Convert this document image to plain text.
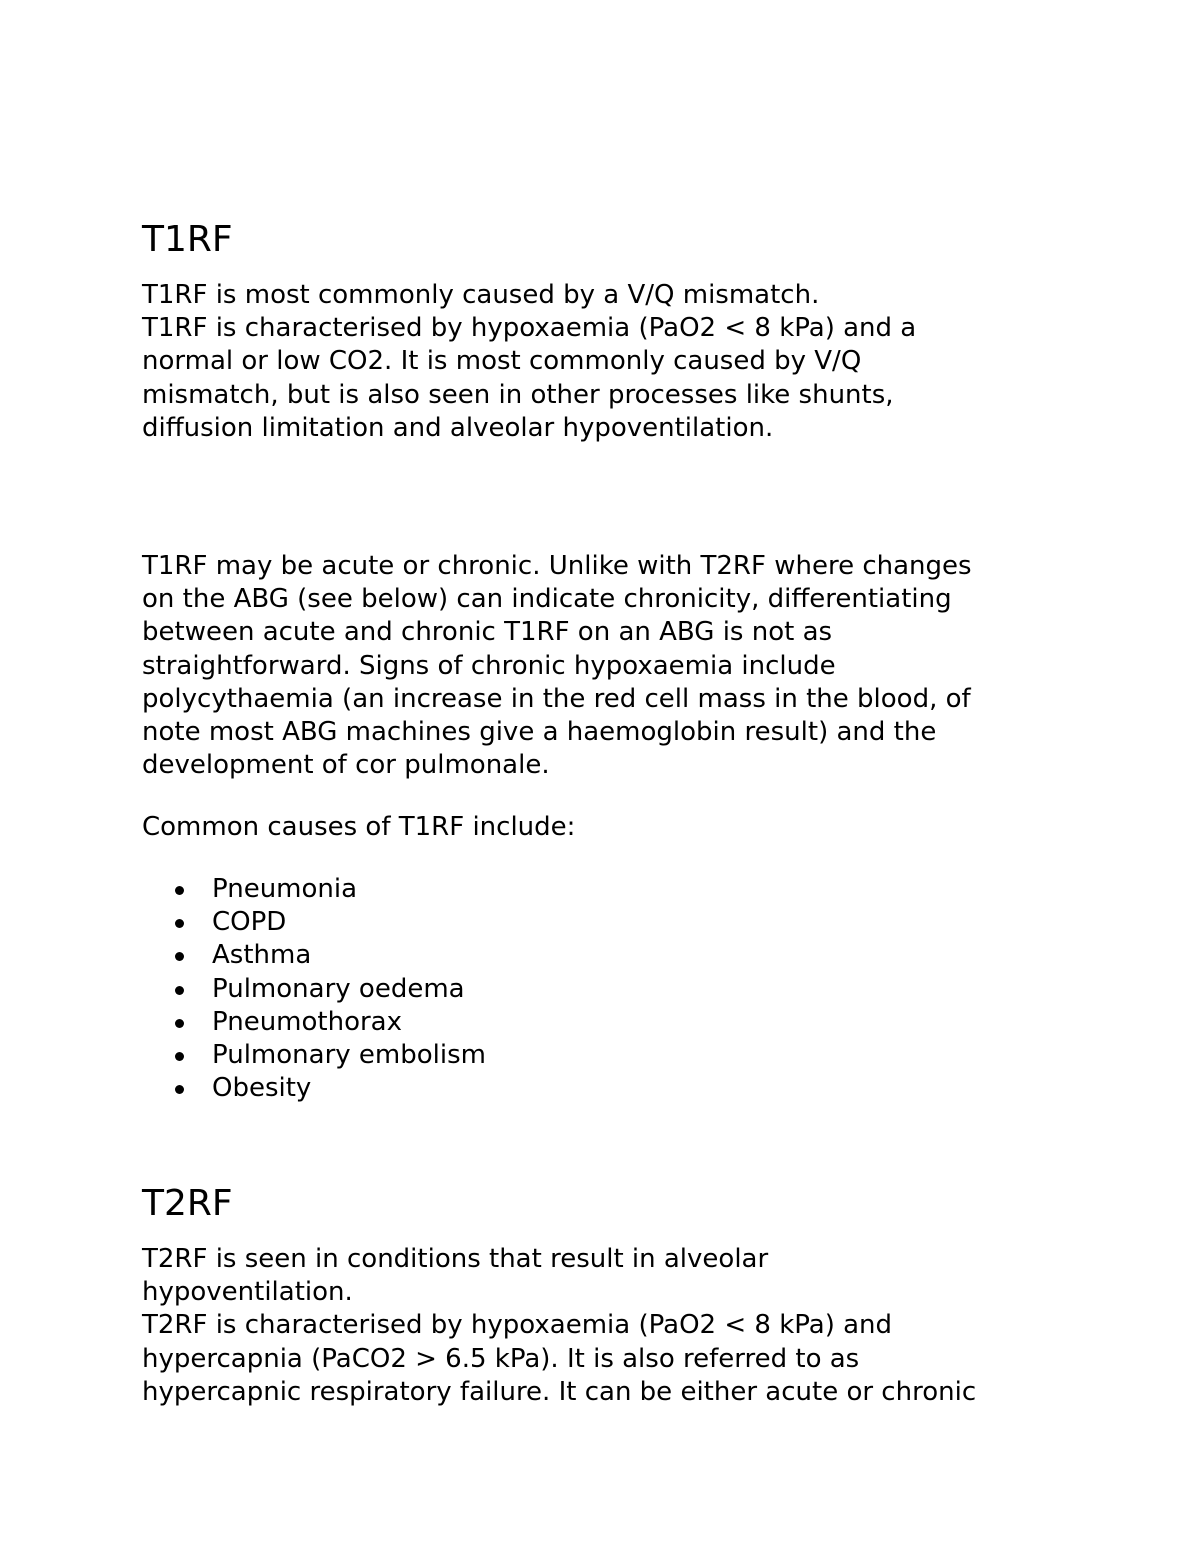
T1RF
T1RF is most commonly caused by a V/Q mismatch.
T1RF is characterised by hypoxaemia (PaO2 < 8 kPa) and a
normal or low CO2. It is most commonly caused by V/Q
mismatch, but is also seen in other processes like shunts,
diffusion limitation and alveolar hypoventilation.
T1RF may be acute or chronic. Unlike with T2RF where changes
on the ABG (see below) can indicate chronicity, differentiating
between acute and chronic T1RF on an ABG is not as
straightforward. Signs of chronic hypoxaemia include
polycythaemia (an increase in the red cell mass in the blood, of
note most ABG machines give a haemoglobin result) and the
development of cor pulmonale.
Common causes of T1RF include:
Pneumonia
COPD
Asthma
Pulmonary oedema
Pneumothorax
Pulmonary embolism
Obesity
T2RF
T2RF is seen in conditions that result in alveolar
hypoventilation.
T2RF is characterised by hypoxaemia (PaO2 < 8 kPa) and
hypercapnia (PaCO2 > 6.5 kPa). It is also referred to as
hypercapnic respiratory failure. It can be either acute or chronic
